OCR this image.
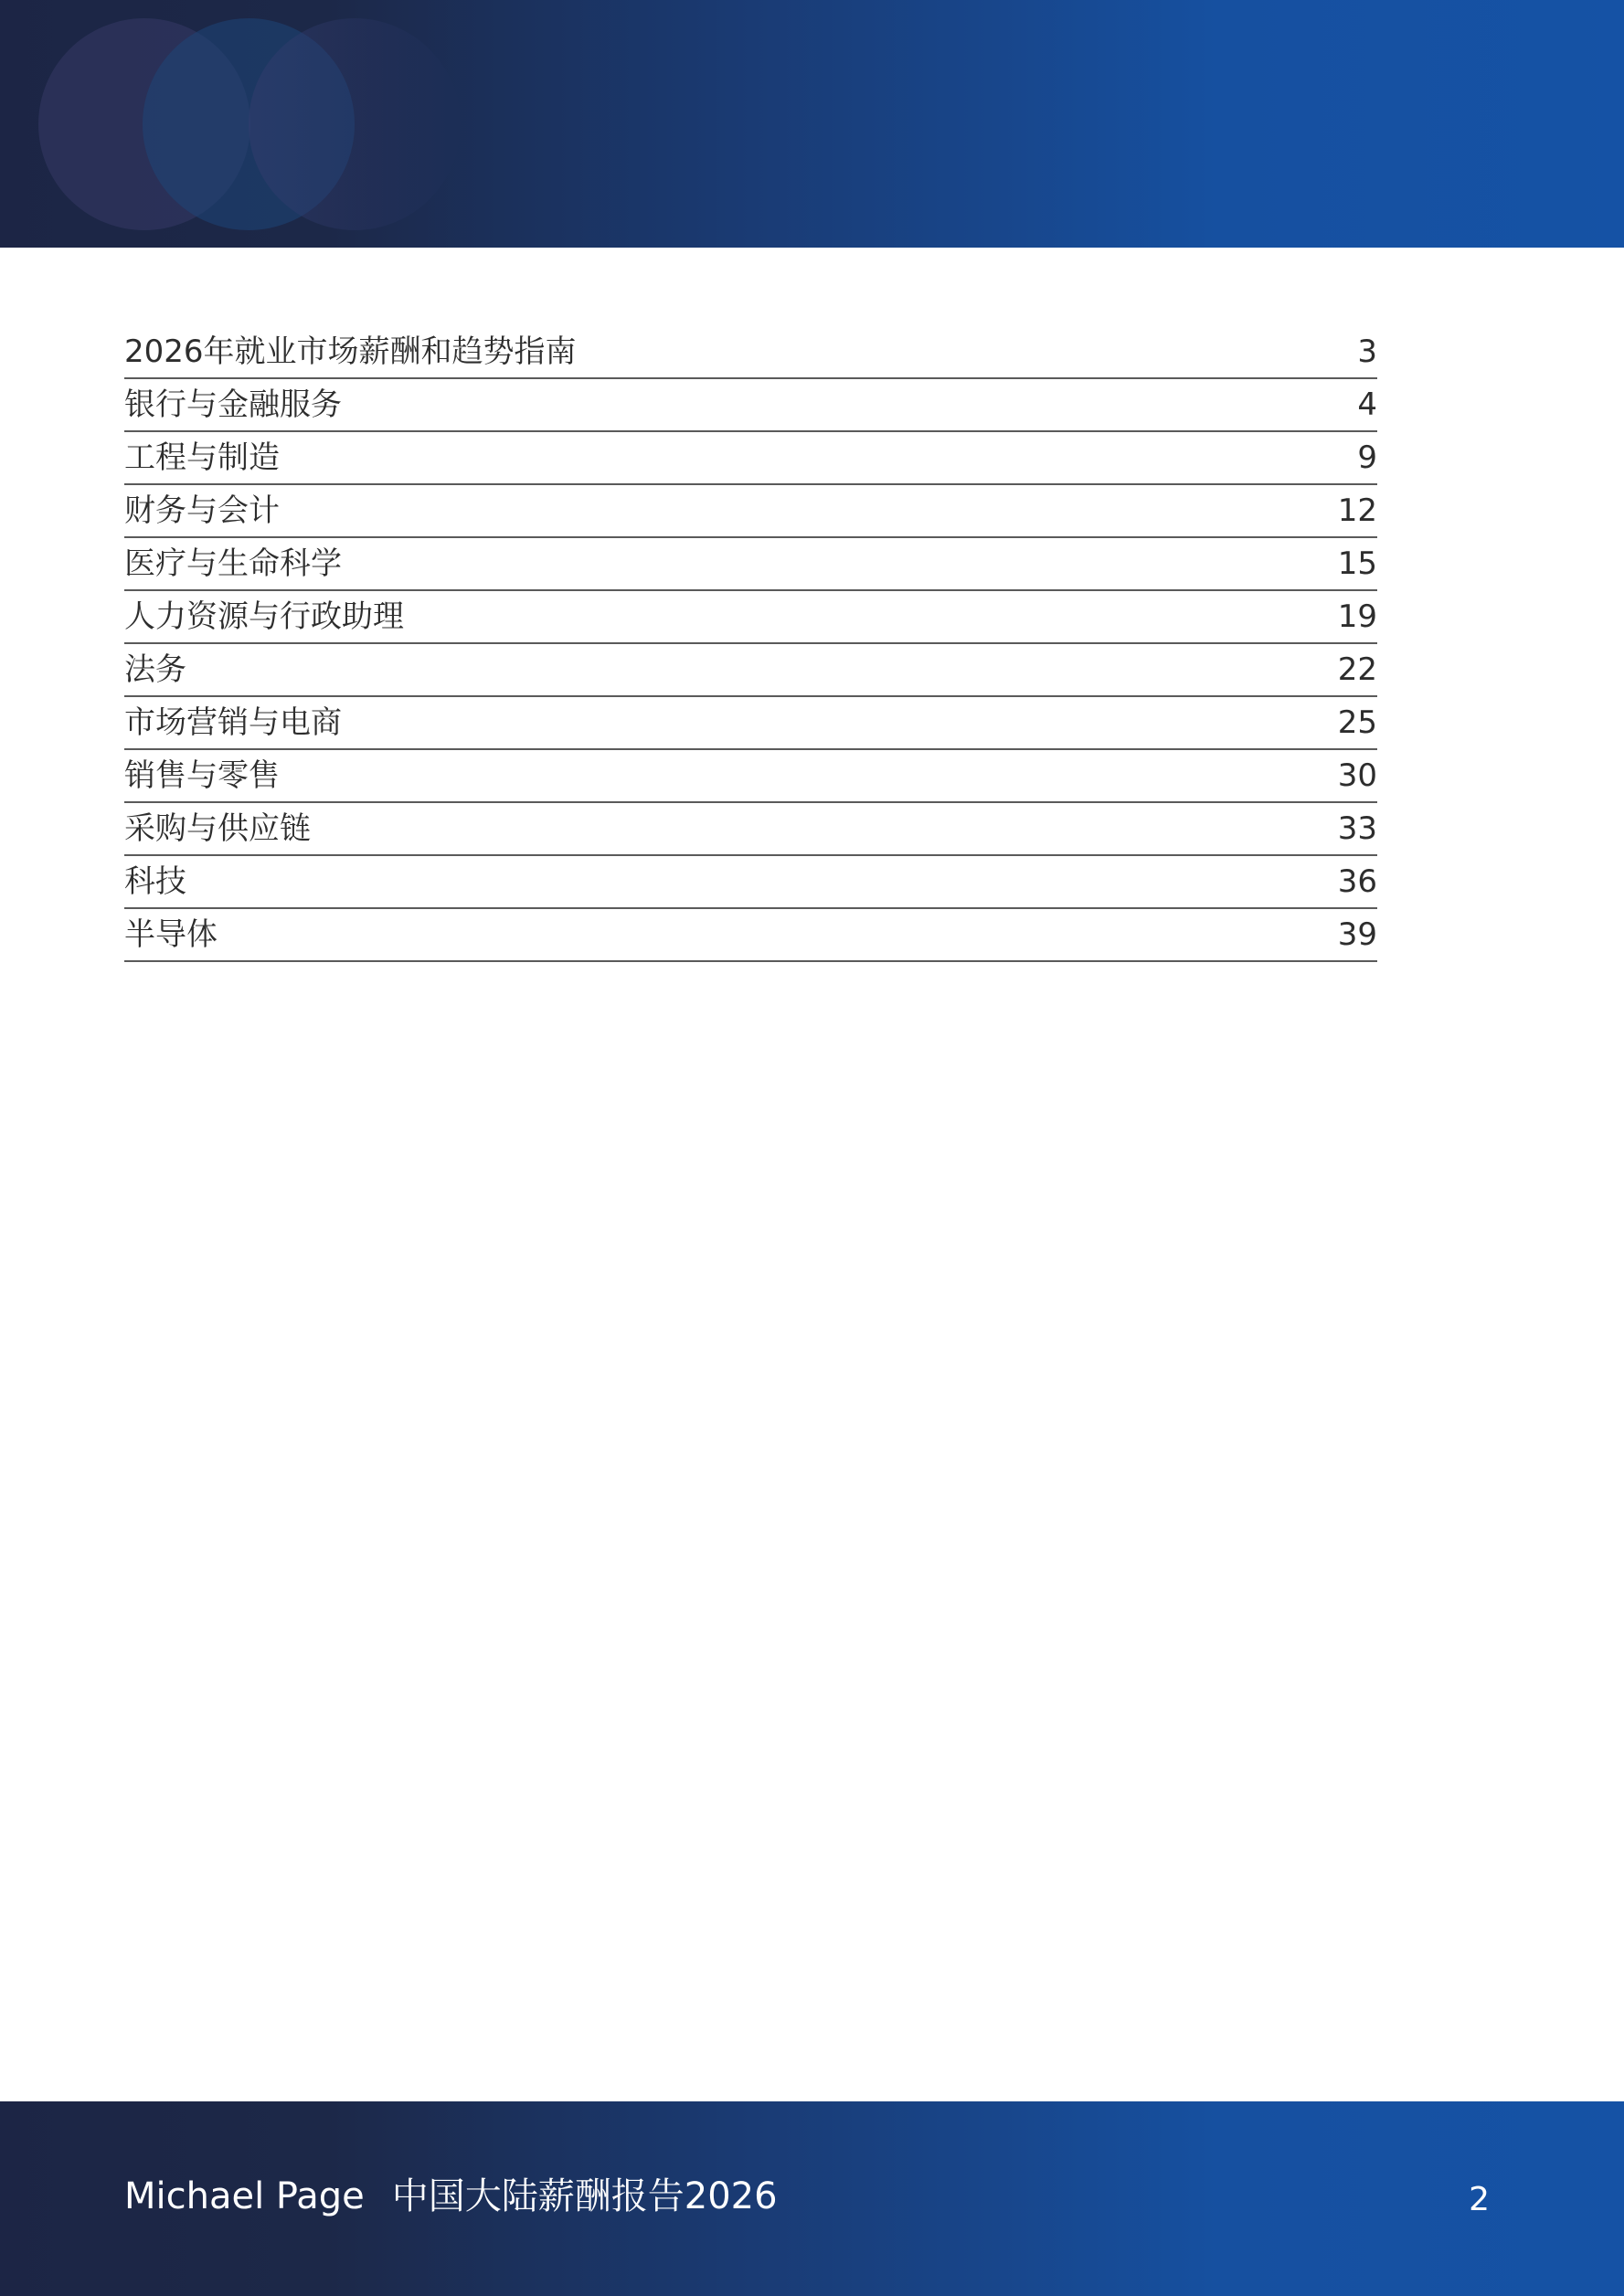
2026年就业市场薪酬和趋势指南	3
银行与金融服务	4
工程与制造	9
财务与会计	12
医疗与生命科学	15
人力资源与行政助理	19
法务	22
市场营销与电商	25
销售与零售	30
采购与供应链	33
科技	36
半导体	39
Michael Page 中国大陆薪酬报告2026	2
